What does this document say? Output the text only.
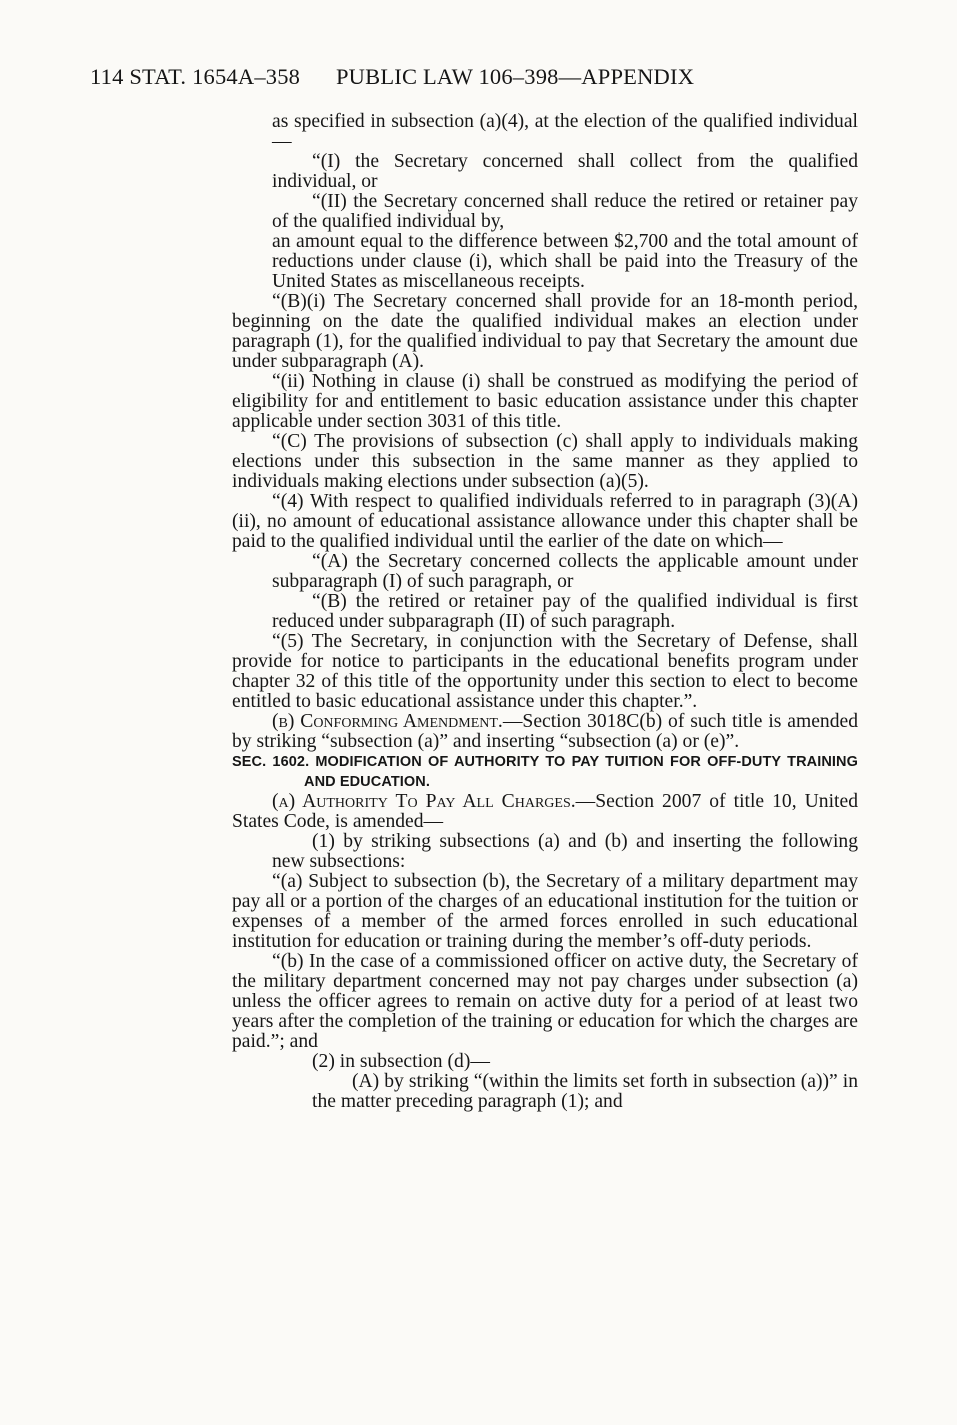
114 STAT. 1654A–358 PUBLIC LAW 106–398—APPENDIX

as specified in subsection (a)(4), at the election of the qualified individual—

“(I) the Secretary concerned shall collect from the qualified individual, or

“(II) the Secretary concerned shall reduce the retired or retainer pay of the qualified individual by,

an amount equal to the difference between $2,700 and the total amount of reductions under clause (i), which shall be paid into the Treasury of the United States as miscellaneous receipts.

“(B)(i) The Secretary concerned shall provide for an 18-month period, beginning on the date the qualified individual makes an election under paragraph (1), for the qualified individual to pay that Secretary the amount due under subparagraph (A).

“(ii) Nothing in clause (i) shall be construed as modifying the period of eligibility for and entitlement to basic education assistance under this chapter applicable under section 3031 of this title.

“(C) The provisions of subsection (c) shall apply to individuals making elections under this subsection in the same manner as they applied to individuals making elections under subsection (a)(5).

“(4) With respect to qualified individuals referred to in paragraph (3)(A)(ii), no amount of educational assistance allowance under this chapter shall be paid to the qualified individual until the earlier of the date on which—

“(A) the Secretary concerned collects the applicable amount under subparagraph (I) of such paragraph, or

“(B) the retired or retainer pay of the qualified individual is first reduced under subparagraph (II) of such paragraph.

“(5) The Secretary, in conjunction with the Secretary of Defense, shall provide for notice to participants in the educational benefits program under chapter 32 of this title of the opportunity under this section to elect to become entitled to basic educational assistance under this chapter.”.

(b) Conforming Amendment.—Section 3018C(b) of such title is amended by striking “subsection (a)” and inserting “subsection (a) or (e)”.

SEC. 1602. MODIFICATION OF AUTHORITY TO PAY TUITION FOR OFF-DUTY TRAINING AND EDUCATION.

(a) Authority To Pay All Charges.—Section 2007 of title 10, United States Code, is amended—

(1) by striking subsections (a) and (b) and inserting the following new subsections:

“(a) Subject to subsection (b), the Secretary of a military department may pay all or a portion of the charges of an educational institution for the tuition or expenses of a member of the armed forces enrolled in such educational institution for education or training during the member’s off-duty periods.

“(b) In the case of a commissioned officer on active duty, the Secretary of the military department concerned may not pay charges under subsection (a) unless the officer agrees to remain on active duty for a period of at least two years after the completion of the training or education for which the charges are paid.”; and

(2) in subsection (d)—

(A) by striking “(within the limits set forth in subsection (a))” in the matter preceding paragraph (1); and
